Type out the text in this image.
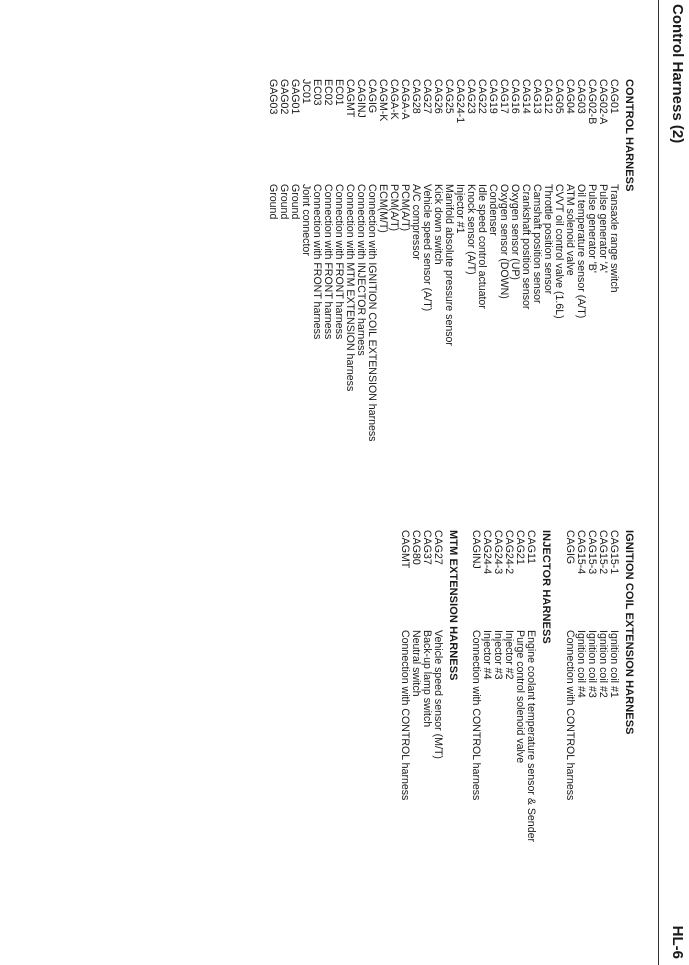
Control Harness (2)
HL-6
CONTROL HARNESS
CAG01
Transaxle range switch
CAG02-A
Pulse generator 'A'
CAG02-B
Pulse generator 'B'
CAG03
Oil temperature sensor (A/T)
CAG04
ATM solenoid valve
CAG05
CVVT oil control valve (1.6L)
CAG12
Throttle position sensor
CAG13
Camshaft position sensor
CAG14
Crankshaft position sensor
CAG16
Oxygen sensor (UP)
CAG17
Oxygen sensor (DOWN)
CAG19
Condenser
CAG22
Idle speed control actuator
CAG23
Knock sensor (A/T)
CAG24-1
Injector #1
CAG25
Manifold absolute pressure sensor
CAG26
Kick down switch
CAG27
Vehicle speed sensor (A/T)
CAG28
A/C compressor
CAGA-A
PCM(A/T)
CAGA-K
PCM(A/T)
CAGM-K
ECM(M/T)
CAGIG
Connection with IGNITION COIL EXTENSION harness
CAGINJ
Connection with INJECTOR harness
CAGMT
Connection with MTM EXTENSION harness
EC01
Connection with FRONT harness
EC02
Connection with FRONT harness
EC03
Connection with FRONT harness
JC01
Joint connector
GAG01
Ground
GAG02
Ground
GAG03
Ground
IGNITION COIL EXTENSION HARNESS
CAG15-1
Ignition coil #1
CAG15-2
Ignition coil #2
CAG15-3
Ignition coil #3
CAG15-4
Ignition coil #4
CAGIG
Connection with CONTROL harness
INJECTOR HARNESS
CAG11
Engine coolant temperature sensor & Sender
CAG21
Purge control solenoid valve
CAG24-2
Injector #2
CAG24-3
Injector #3
CAG24-4
Injector #4
CAGINJ
Connection with CONTROL harness
MTM EXTENSION HARNESS
CAG27
Vehicle speed sensor (M/T)
CAG37
Back-up lamp switch
CAG80
Neutral switch
CAGMT
Connection with CONTROL harness
